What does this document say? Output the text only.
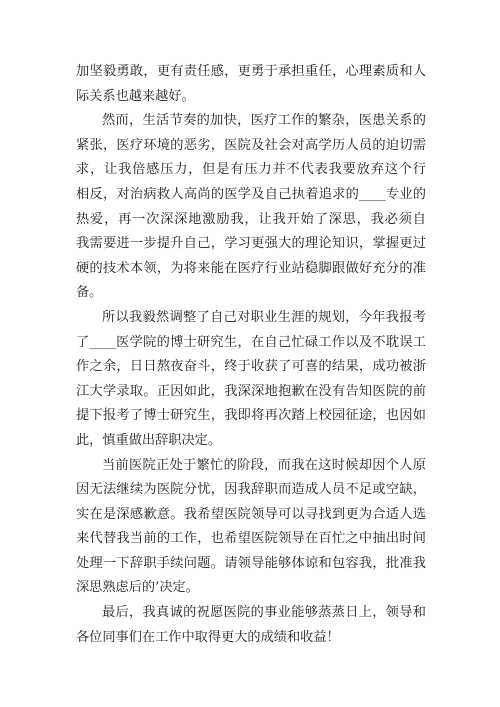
加坚毅勇敢，更有责任感，更勇于承担重任，心理素质和人
际关系也越来越好。
然而，生活节奏的加快，医疗工作的繁杂，医患关系的
紧张，医疗环境的恶劣，医院及社会对高学历人员的迫切需
求，让我倍感压力，但是有压力并不代表我要放弃这个行
相反，对治病救人高尚的医学及自己执着追求的____专业的
热爱，再一次深深地激励我，让我开始了深思，我必须自
我需要进一步提升自己，学习更强大的理论知识，掌握更过
硬的技术本领，为将来能在医疗行业站稳脚跟做好充分的准
备。
所以我毅然调整了自己对职业生涯的规划，今年我报考
了____医学院的博士研究生，在自己忙碌工作以及不耽误工
作之余，日日熬夜奋斗，终于收获了可喜的结果，成功被浙
江大学录取。正因如此，我深深地抱歉在没有告知医院的前
提下报考了博士研究生，我即将再次踏上校园征途，也因如
此，慎重做出辞职决定。
当前医院正处于繁忙的阶段，而我在这时候却因个人原
因无法继续为医院分忧，因我辞职而造成人员不足或空缺，
实在是深感歉意。我希望医院领导可以寻找到更为合适人选
来代替我当前的工作，也希望医院领导在百忙之中抽出时间
处理一下辞职手续问题。请领导能够体谅和包容我，批准我
深思熟虑后的’决定。
最后，我真诚的祝愿医院的事业能够蒸蒸日上，领导和
各位同事们在工作中取得更大的成绩和收益！
